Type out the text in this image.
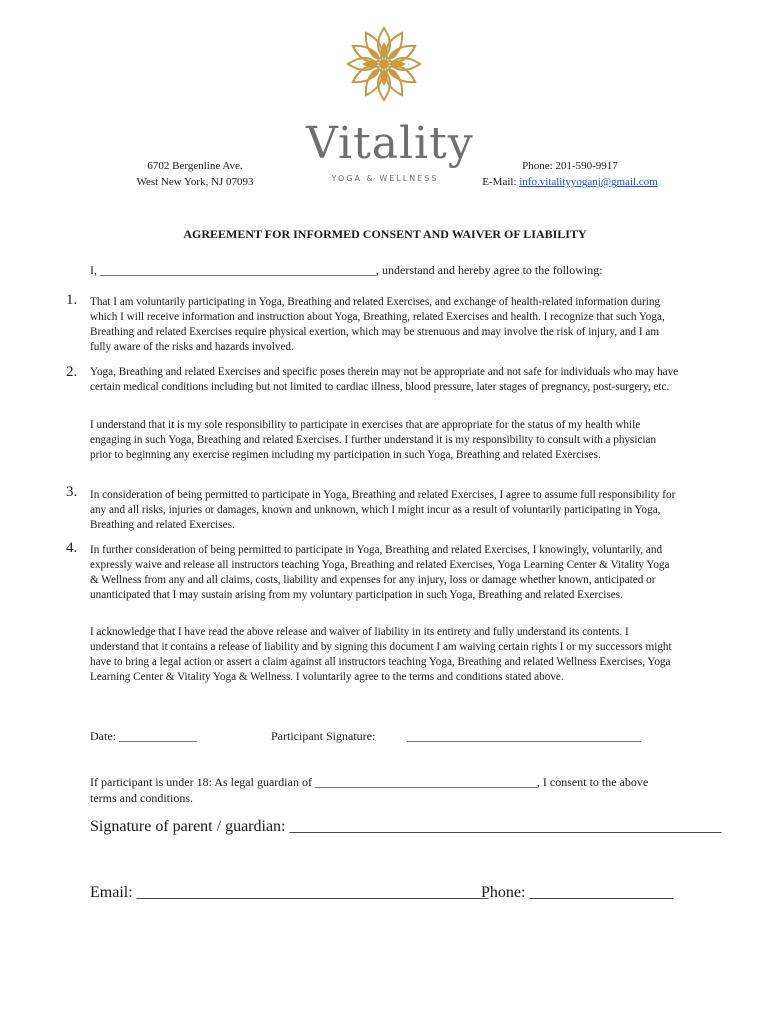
Vitality
YOGA & WELLNESS
6702 Bergenline Ave.
West New York, NJ 07093
Phone: 201-590-9917
E-Mail: info.vitalityyoganj@gmail.com
AGREEMENT FOR INFORMED CONSENT AND WAIVER OF LIABILITY
I, ______________________________________________, understand and hereby agree to the following:
1. That I am voluntarily participating in Yoga, Breathing and related Exercises, and exchange of health-related information during which I will receive information and instruction about Yoga, Breathing, related Exercises and health. I recognize that such Yoga, Breathing and related Exercises require physical exertion, which may be strenuous and may involve the risk of injury, and I am fully aware of the risks and hazards involved.
2. Yoga, Breathing and related Exercises and specific poses therein may not be appropriate and not safe for individuals who may have certain medical conditions including but not limited to cardiac illness, blood pressure, later stages of pregnancy, post-surgery, etc.
I understand that it is my sole responsibility to participate in exercises that are appropriate for the status of my health while engaging in such Yoga, Breathing and related Exercises. I further understand it is my responsibility to consult with a physician prior to beginning any exercise regimen including my participation in such Yoga, Breathing and related Exercises.
3. In consideration of being permitted to participate in Yoga, Breathing and related Exercises, I agree to assume full responsibility for any and all risks, injuries or damages, known and unknown, which I might incur as a result of voluntarily participating in Yoga, Breathing and related Exercises.
4. In further consideration of being permitted to participate in Yoga, Breathing and related Exercises, I knowingly, voluntarily, and expressly waive and release all instructors teaching Yoga, Breathing and related Exercises, Yoga Learning Center & Vitality Yoga & Wellness from any and all claims, costs, liability and expenses for any injury, loss or damage whether known, anticipated or unanticipated that I may sustain arising from my voluntary participation in such Yoga, Breathing and related Exercises.
I acknowledge that I have read the above release and waiver of liability in its entirety and fully understand its contents. I understand that it contains a release of liability and by signing this document I am waiving certain rights I or my successors might have to bring a legal action or assert a claim against all instructors teaching Yoga, Breathing and related Wellness Exercises, Yoga Learning Center & Vitality Yoga & Wellness. I voluntarily agree to the terms and conditions stated above.
Date: _____________	Participant Signature:	_______________________________________
If participant is under 18: As legal guardian of _____________________________________, I consent to the above terms and conditions.
Signature of parent / guardian: ______________________________________________________
Email: ____________________________________________
Phone: __________________
